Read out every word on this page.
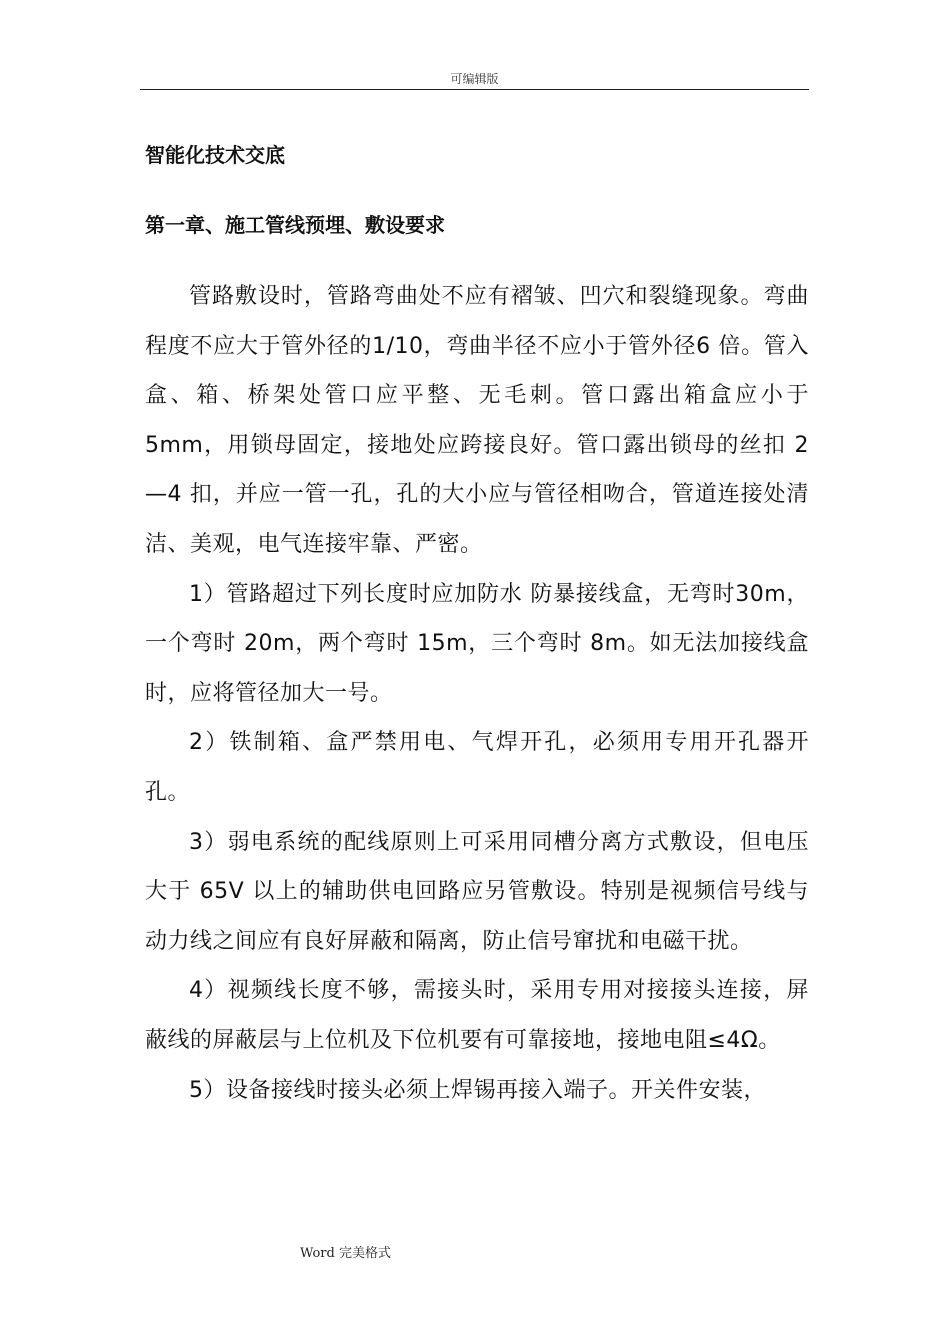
可编辑版
智能化技术交底
第一章、施工管线预埋、敷设要求

管路敷设时，管路弯曲处不应有褶皱、凹穴和裂缝现象。弯曲程度不应大于管外径的1/10，弯曲半径不应小于管外径6 倍。管入盒、箱、桥架处管口应平整、无毛刺。管口露出箱盒应小于 5mm，用锁母固定，接地处应跨接良好。管口露出锁母的丝扣 2—4 扣，并应一管一孔，孔的大小应与管径相吻合，管道连接处清洁、美观，电气连接牢靠、严密。

1）管路超过下列长度时应加防水 防暴接线盒，无弯时30m，一个弯时 20m，两个弯时 15m，三个弯时 8m。如无法加接线盒时，应将管径加大一号。

2）铁制箱、盒严禁用电、气焊开孔，必须用专用开孔器开孔。

3）弱电系统的配线原则上可采用同槽分离方式敷设，但电压大于 65V 以上的辅助供电回路应另管敷设。特别是视频信号线与动力线之间应有良好屏蔽和隔离，防止信号窜扰和电磁干扰。

4）视频线长度不够，需接头时，采用专用对接接头连接，屏蔽线的屏蔽层与上位机及下位机要有可靠接地，接地电阻≤4Ω。

5）设备接线时接头必须上焊锡再接入端子。开关件安装，

Word 完美格式
